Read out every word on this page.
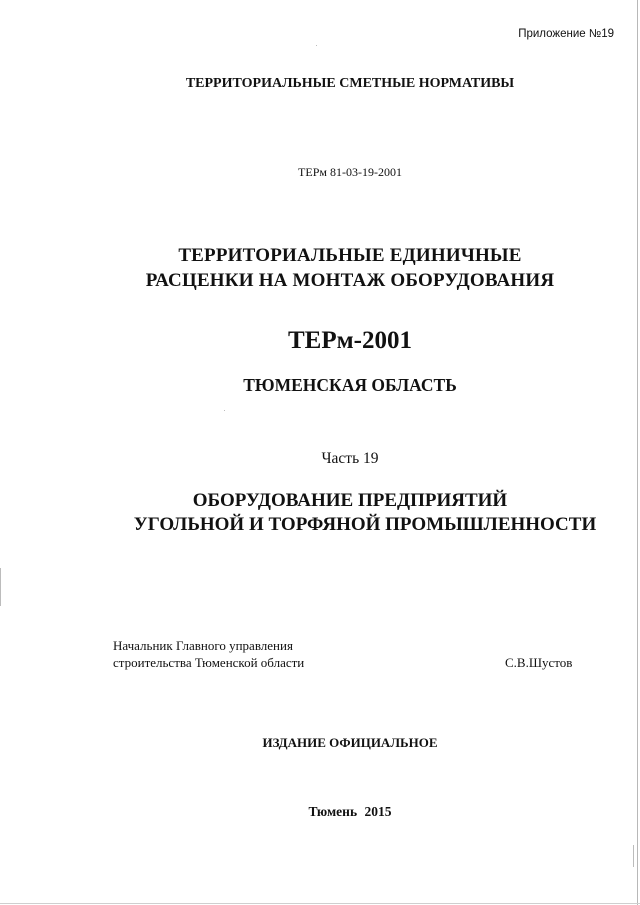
Приложение №19
ТЕРРИТОРИАЛЬНЫЕ СМЕТНЫЕ НОРМАТИВЫ
ТЕРм 81-03-19-2001
ТЕРРИТОРИАЛЬНЫЕ ЕДИНИЧНЫЕ
РАСЦЕНКИ НА МОНТАЖ ОБОРУДОВАНИЯ
ТЕРм-2001
ТЮМЕНСКАЯ ОБЛАСТЬ
Часть 19
ОБОРУДОВАНИЕ ПРЕДПРИЯТИЙ
УГОЛЬНОЙ И ТОРФЯНОЙ ПРОМЫШЛЕННОСТИ
Начальник Главного управления
строительства Тюменской области	С.В.Шустов
ИЗДАНИЕ ОФИЦИАЛЬНОЕ
Тюмень 2015
